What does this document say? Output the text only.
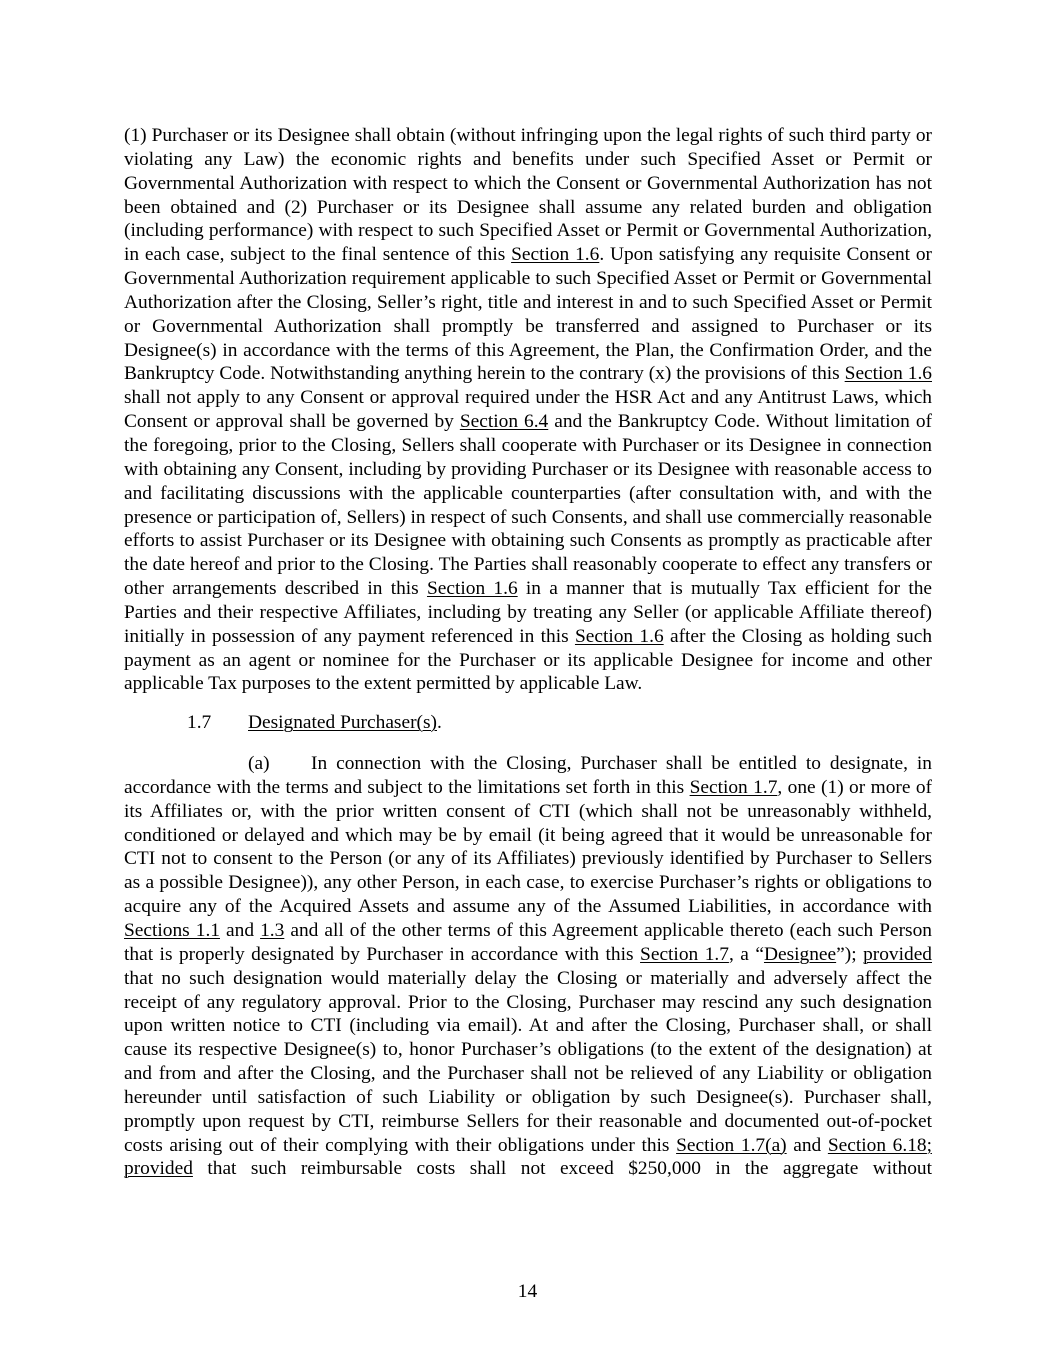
(1) Purchaser or its Designee shall obtain (without infringing upon the legal rights of such third party or violating any Law) the economic rights and benefits under such Specified Asset or Permit or Governmental Authorization with respect to which the Consent or Governmental Authorization has not been obtained and (2) Purchaser or its Designee shall assume any related burden and obligation (including performance) with respect to such Specified Asset or Permit or Governmental Authorization, in each case, subject to the final sentence of this Section 1.6. Upon satisfying any requisite Consent or Governmental Authorization requirement applicable to such Specified Asset or Permit or Governmental Authorization after the Closing, Seller’s right, title and interest in and to such Specified Asset or Permit or Governmental Authorization shall promptly be transferred and assigned to Purchaser or its Designee(s) in accordance with the terms of this Agreement, the Plan, the Confirmation Order, and the Bankruptcy Code. Notwithstanding anything herein to the contrary (x) the provisions of this Section 1.6 shall not apply to any Consent or approval required under the HSR Act and any Antitrust Laws, which Consent or approval shall be governed by Section 6.4 and the Bankruptcy Code. Without limitation of the foregoing, prior to the Closing, Sellers shall cooperate with Purchaser or its Designee in connection with obtaining any Consent, including by providing Purchaser or its Designee with reasonable access to and facilitating discussions with the applicable counterparties (after consultation with, and with the presence or participation of, Sellers) in respect of such Consents, and shall use commercially reasonable efforts to assist Purchaser or its Designee with obtaining such Consents as promptly as practicable after the date hereof and prior to the Closing. The Parties shall reasonably cooperate to effect any transfers or other arrangements described in this Section 1.6 in a manner that is mutually Tax efficient for the Parties and their respective Affiliates, including by treating any Seller (or applicable Affiliate thereof) initially in possession of any payment referenced in this Section 1.6 after the Closing as holding such payment as an agent or nominee for the Purchaser or its applicable Designee for income and other applicable Tax purposes to the extent permitted by applicable Law.

1.7 Designated Purchaser(s).

(a) In connection with the Closing, Purchaser shall be entitled to designate, in accordance with the terms and subject to the limitations set forth in this Section 1.7, one (1) or more of its Affiliates or, with the prior written consent of CTI (which shall not be unreasonably withheld, conditioned or delayed and which may be by email (it being agreed that it would be unreasonable for CTI not to consent to the Person (or any of its Affiliates) previously identified by Purchaser to Sellers as a possible Designee)), any other Person, in each case, to exercise Purchaser’s rights or obligations to acquire any of the Acquired Assets and assume any of the Assumed Liabilities, in accordance with Sections 1.1 and 1.3 and all of the other terms of this Agreement applicable thereto (each such Person that is properly designated by Purchaser in accordance with this Section 1.7, a “Designee”); provided that no such designation would materially delay the Closing or materially and adversely affect the receipt of any regulatory approval. Prior to the Closing, Purchaser may rescind any such designation upon written notice to CTI (including via email). At and after the Closing, Purchaser shall, or shall cause its respective Designee(s) to, honor Purchaser’s obligations (to the extent of the designation) at and from and after the Closing, and the Purchaser shall not be relieved of any Liability or obligation hereunder until satisfaction of such Liability or obligation by such Designee(s). Purchaser shall, promptly upon request by CTI, reimburse Sellers for their reasonable and documented out-of-pocket costs arising out of their complying with their obligations under this Section 1.7(a) and Section 6.18; provided that such reimbursable costs shall not exceed $250,000 in the aggregate without

14
